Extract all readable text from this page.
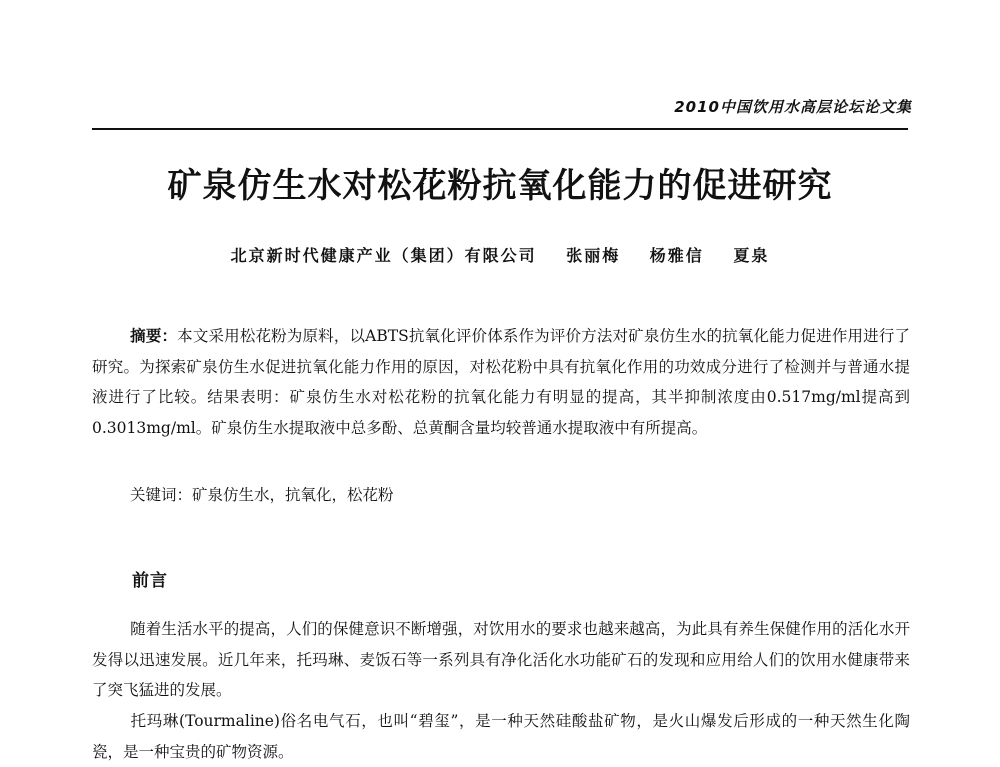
2010中国饮用水高层论坛论文集
矿泉仿生水对松花粉抗氧化能力的促进研究
北京新时代健康产业（集团）有限公司 张丽梅 杨雅信 夏泉
摘要：本文采用松花粉为原料，以ABTS抗氧化评价体系作为评价方法对矿泉仿生水的抗氧化能力促进作用进行了研究。为探索矿泉仿生水促进抗氧化能力作用的原因，对松花粉中具有抗氧化作用的功效成分进行了检测并与普通水提液进行了比较。结果表明：矿泉仿生水对松花粉的抗氧化能力有明显的提高，其半抑制浓度由0.517mg/ml提高到0.3013mg/ml。矿泉仿生水提取液中总多酚、总黄酮含量均较普通水提取液中有所提高。
关键词：矿泉仿生水，抗氧化，松花粉
前言
随着生活水平的提高，人们的保健意识不断增强，对饮用水的要求也越来越高，为此具有养生保健作用的活化水开发得以迅速发展。近几年来，托玛琳、麦饭石等一系列具有净化活化水功能矿石的发现和应用给人们的饮用水健康带来了突飞猛进的发展。
托玛琳(Tourmaline)俗名电气石，也叫“碧玺”，是一种天然硅酸盐矿物，是火山爆发后形成的一种天然生化陶瓷，是一种宝贵的矿物资源。
